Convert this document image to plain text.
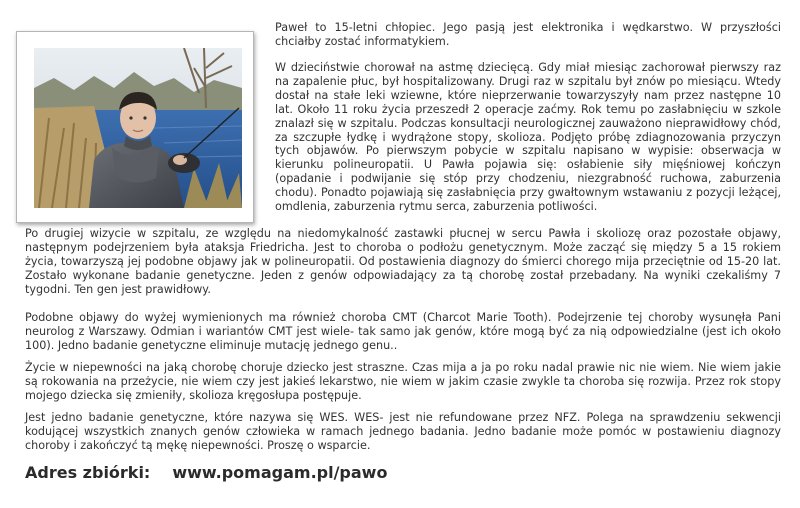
Paweł to 15-letni chłopiec. Jego pasją jest elektronika i wędkarstwo. W przyszłości chciałby zostać informatykiem.

W dzieciństwie chorował na astmę dziecięcą. Gdy miał miesiąc zachorował pierwszy raz na zapalenie płuc, był hospitalizowany. Drugi raz w szpitalu był znów po miesiącu. Wtedy dostał na stałe leki wziewne, które nieprzerwanie towarzyszyły nam przez następne 10 lat. Około 11 roku życia przeszedł 2 operacje zaćmy. Rok temu po zasłabnięciu w szkole znalazł się w szpitalu. Podczas konsultacji neurologicznej zauważono nieprawidłowy chód, za szczupłe łydkę i wydrążone stopy, skolioza. Podjęto próbę zdiagnozowania przyczyn tych objawów. Po pierwszym pobycie w szpitalu napisano w wypisie: obserwacja w kierunku polineuropatii. U Pawła pojawia się: osłabienie siły mięśniowej kończyn (opadanie i podwijanie się stóp przy chodzeniu, niezgrabność ruchowa, zaburzenia chodu). Ponadto pojawiają się zasłabnięcia przy gwałtownym wstawaniu z pozycji leżącej, omdlenia, zaburzenia rytmu serca, zaburzenia potliwości.

Po drugiej wizycie w szpitalu, ze względu na niedomykalność zastawki płucnej w sercu Pawła i skoliozę oraz pozostałe objawy, następnym podejrzeniem była ataksja Friedricha. Jest to choroba o podłożu genetycznym. Może zacząć się między 5 a 15 rokiem życia, towarzyszą jej podobne objawy jak w polineuropatii. Od postawienia diagnozy do śmierci chorego mija przeciętnie od 15-20 lat. Zostało wykonane badanie genetyczne. Jeden z genów odpowiadający za tą chorobę został przebadany. Na wyniki czekaliśmy 7 tygodni. Ten gen jest prawidłowy.

Podobne objawy do wyżej wymienionych ma również choroba CMT (Charcot Marie Tooth). Podejrzenie tej choroby wysunęła Pani neurolog z Warszawy. Odmian i wariantów CMT jest wiele- tak samo jak genów, które mogą być za nią odpowiedzialne (jest ich około 100). Jedno badanie genetyczne eliminuje mutację jednego genu..

Życie w niepewności na jaką chorobę choruje dziecko jest straszne. Czas mija a ja po roku nadal prawie nic nie wiem. Nie wiem jakie są rokowania na przeżycie, nie wiem czy jest jakieś lekarstwo, nie wiem w jakim czasie zwykle ta choroba się rozwija. Przez rok stopy mojego dziecka się zmieniły, skolioza kręgosłupa postępuje.

Jest jedno badanie genetyczne, które nazywa się WES. WES- jest nie refundowane przez NFZ. Polega na sprawdzeniu sekwencji kodującej wszystkich znanych genów człowieka w ramach jednego badania. Jedno badanie może pomóc w postawieniu diagnozy choroby i zakończyć tą mękę niepewności. Proszę o wsparcie.

Adres zbiórki: www.pomagam.pl/pawo
